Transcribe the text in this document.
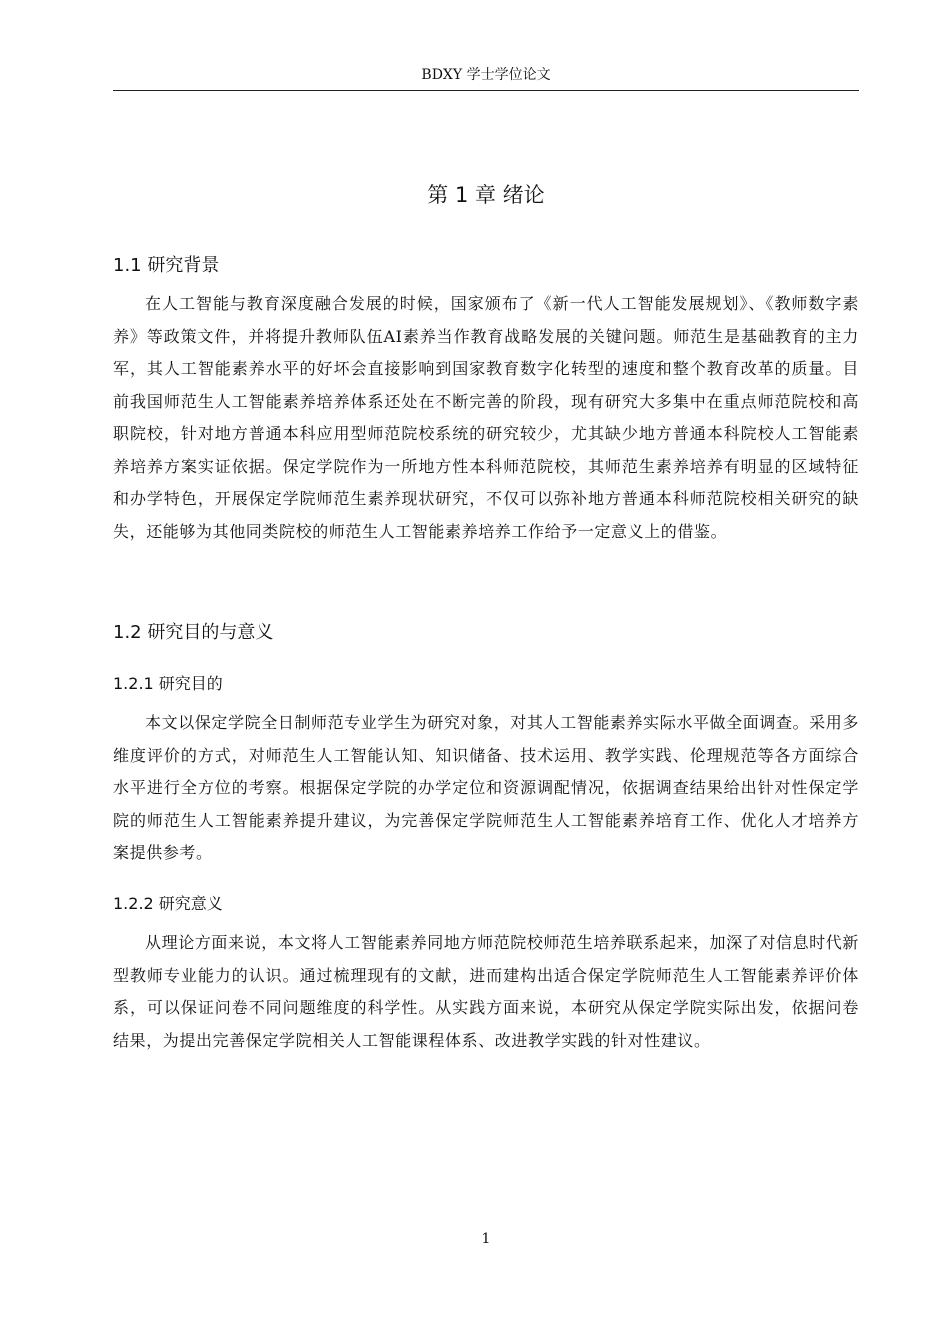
BDXY 学士学位论文
第 1 章 绪论
1.1 研究背景

在人工智能与教育深度融合发展的时候，国家颁布了《新一代人工智能发展规划》、《教师数字素养》等政策文件，并将提升教师队伍AI素养当作教育战略发展的关键问题。师范生是基础教育的主力军，其人工智能素养水平的好坏会直接影响到国家教育数字化转型的速度和整个教育改革的质量。目前我国师范生人工智能素养培养体系还处在不断完善的阶段，现有研究大多集中在重点师范院校和高职院校，针对地方普通本科应用型师范院校系统的研究较少，尤其缺少地方普通本科院校人工智能素养培养方案实证依据。保定学院作为一所地方性本科师范院校，其师范生素养培养有明显的区域特征和办学特色，开展保定学院师范生素养现状研究，不仅可以弥补地方普通本科师范院校相关研究的缺失，还能够为其他同类院校的师范生人工智能素养培养工作给予一定意义上的借鉴。

1.2 研究目的与意义
1.2.1 研究目的

本文以保定学院全日制师范专业学生为研究对象，对其人工智能素养实际水平做全面调查。采用多维度评价的方式，对师范生人工智能认知、知识储备、技术运用、教学实践、伦理规范等各方面综合水平进行全方位的考察。根据保定学院的办学定位和资源调配情况，依据调查结果给出针对性保定学院的师范生人工智能素养提升建议，为完善保定学院师范生人工智能素养培育工作、优化人才培养方案提供参考。

1.2.2 研究意义

从理论方面来说，本文将人工智能素养同地方师范院校师范生培养联系起来，加深了对信息时代新型教师专业能力的认识。通过梳理现有的文献，进而建构出适合保定学院师范生人工智能素养评价体系，可以保证问卷不同问题维度的科学性。从实践方面来说，本研究从保定学院实际出发，依据问卷结果，为提出完善保定学院相关人工智能课程体系、改进教学实践的针对性建议。

1
